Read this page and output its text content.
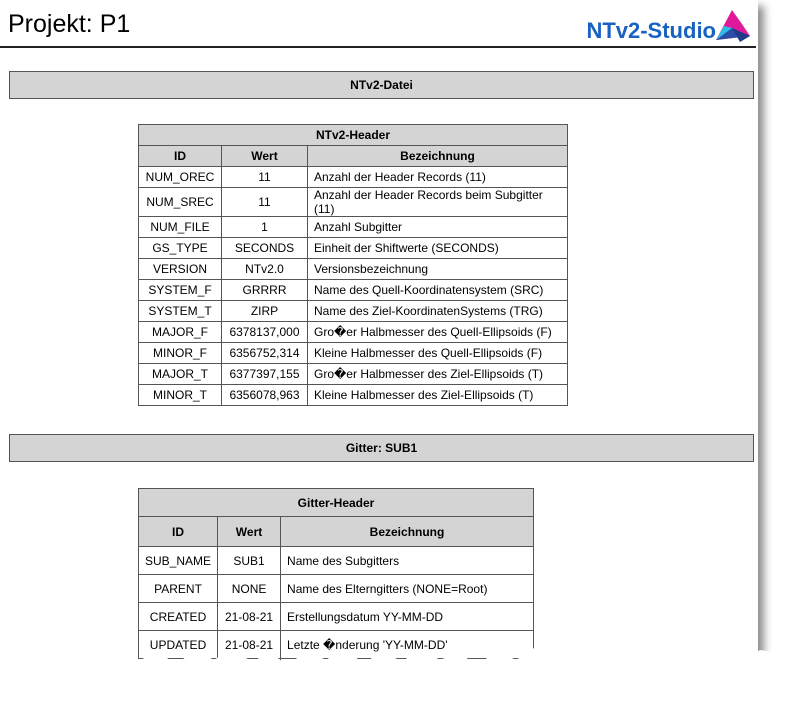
Projekt: P1	NTv2-Studio
NTv2-Datei
NTv2-Header		
ID	Wert	Bezeichnung
NUM_OREC	11	Anzahl der Header Records (11)
NUM_SREC	11	Anzahl der Header Records beim Subgitter (11)
NUM_FILE	1	Anzahl Subgitter
GS_TYPE	SECONDS	Einheit der Shiftwerte (SECONDS)
VERSION	NTv2.0	Versionsbezeichnung
SYSTEM_F	GRRRR	Name des Quell-Koordinatensystem (SRC)
SYSTEM_T	ZIRP	Name des Ziel-KoordinatenSystems (TRG)
MAJOR_F	6378137,000	Gro�er Halbmesser des Quell-Ellipsoids (F)
MINOR_F	6356752,314	Kleine Halbmesser des Quell-Ellipsoids (F)
MAJOR_T	6377397,155	Gro�er Halbmesser des Ziel-Ellipsoids (T)
MINOR_T	6356078,963	Kleine Halbmesser des Ziel-Ellipsoids (T)
Gitter: SUB1
Gitter-Header		
ID	Wert	Bezeichnung
SUB_NAME	SUB1	Name des Subgitters
PARENT	NONE	Name des Elterngitters (NONE=Root)
CREATED	21-08-21	Erstellungsdatum YY-MM-DD
UPDATED	21-08-21	Letzte �nderung 'YY-MM-DD'
